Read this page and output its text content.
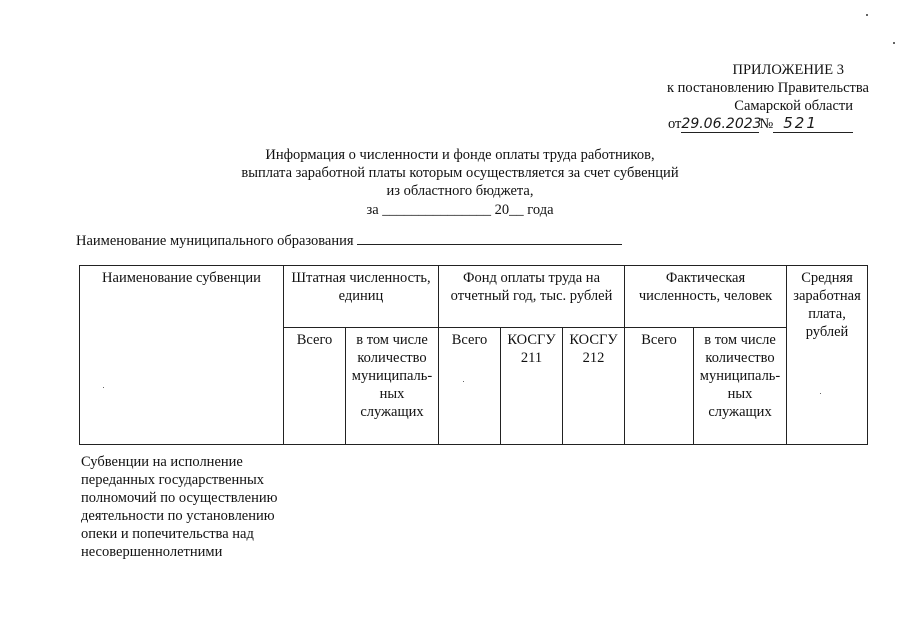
ПРИЛОЖЕНИЕ 3
к постановлению Правительства
Самарской области
от29.06.2023№ 521
Информация о численности и фонде оплаты труда работников,
выплата заработной платы которым осуществляется за счет субвенций
из областного бюджета,
за _______________ 20__ года
Наименование муниципального образования
Наименование субвенции	Штатная численность, единиц		Фонд оплаты труда на отчетный год, тыс. рублей			Фактическая численность, человек		Средняя заработная плата, рублей
	Всего	в том числе количество муниципаль-ных служащих	Всего	КОСГУ 211	КОСГУ 212	Всего	в том числе количество муниципаль-ных служащих	
Субвенции на исполнение переданных государственных полномочий по осуществлению деятельности по установлению опеки и попечительства над несовершеннолетними
